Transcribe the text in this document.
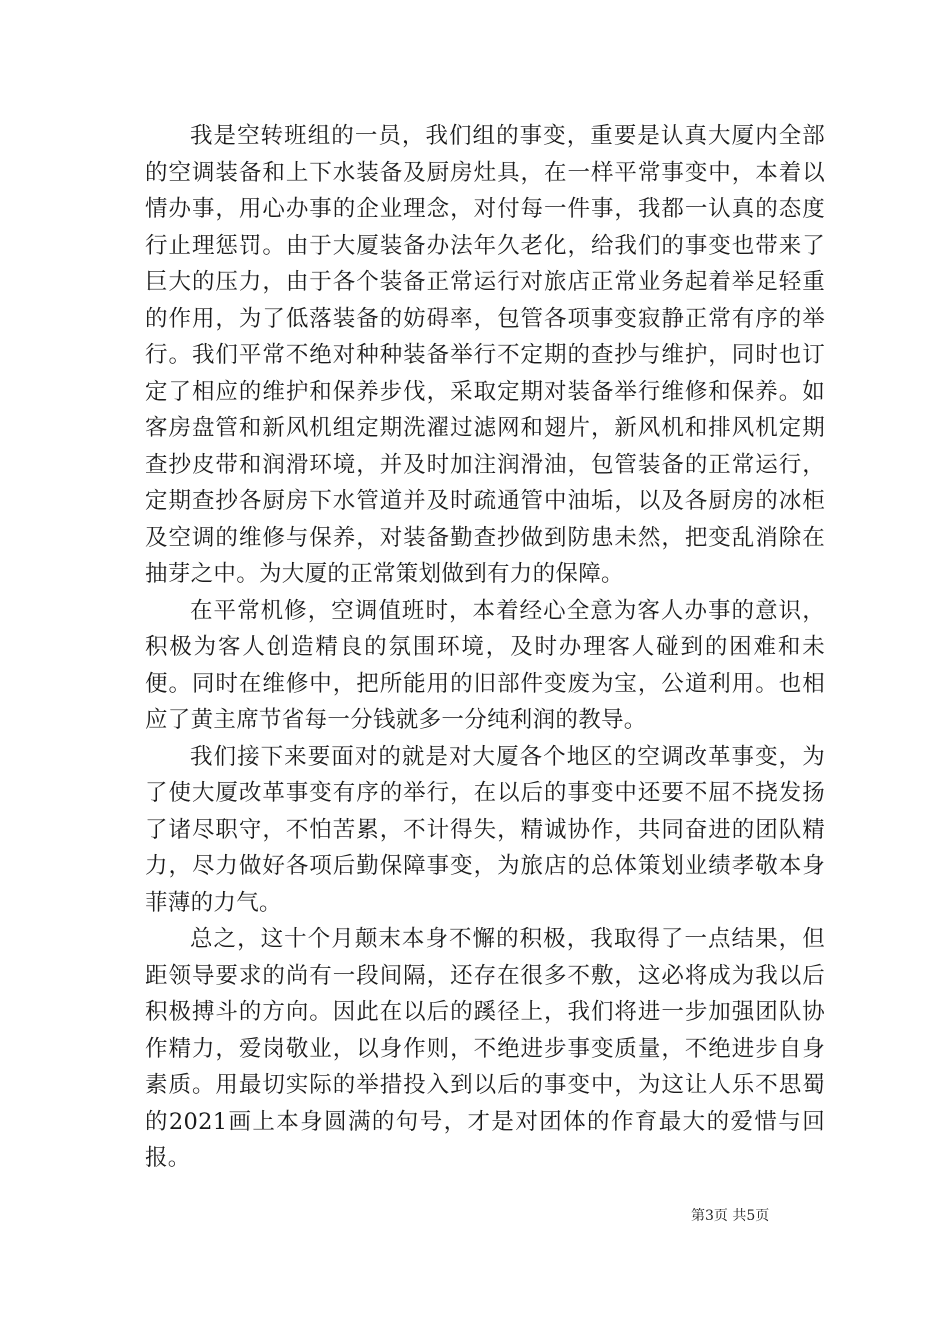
我是空转班组的一员，我们组的事变，重要是认真大厦内全部的空调装备和上下水装备及厨房灶具，在一样平常事变中，本着以情办事，用心办事的企业理念，对付每一件事，我都一认真的态度行止理惩罚。由于大厦装备办法年久老化，给我们的事变也带来了巨大的压力，由于各个装备正常运行对旅店正常业务起着举足轻重的作用，为了低落装备的妨碍率，包管各项事变寂静正常有序的举行。我们平常不绝对种种装备举行不定期的查抄与维护，同时也订定了相应的维护和保养步伐，采取定期对装备举行维修和保养。如客房盘管和新风机组定期洗濯过滤网和翅片，新风机和排风机定期查抄皮带和润滑环境，并及时加注润滑油，包管装备的正常运行，定期查抄各厨房下水管道并及时疏通管中油垢，以及各厨房的冰柜及空调的维修与保养，对装备勤查抄做到防患未然，把变乱消除在抽芽之中。为大厦的正常策划做到有力的保障。

在平常机修，空调值班时，本着经心全意为客人办事的意识，积极为客人创造精良的氛围环境，及时办理客人碰到的困难和未便。同时在维修中，把所能用的旧部件变废为宝，公道利用。也相应了黄主席节省每一分钱就多一分纯利润的教导。

我们接下来要面对的就是对大厦各个地区的空调改革事变，为了使大厦改革事变有序的举行，在以后的事变中还要不屈不挠发扬了诸尽职守，不怕苦累，不计得失，精诚协作，共同奋进的团队精力，尽力做好各项后勤保障事变，为旅店的总体策划业绩孝敬本身菲薄的力气。

总之，这十个月颠末本身不懈的积极，我取得了一点结果，但距领导要求的尚有一段间隔，还存在很多不敷，这必将成为我以后积极搏斗的方向。因此在以后的蹊径上，我们将进一步加强团队协作精力，爱岗敬业，以身作则，不绝进步事变质量，不绝进步自身素质。用最切实际的举措投入到以后的事变中，为这让人乐不思蜀的2021画上本身圆满的句号，才是对团体的作育最大的爱惜与回报。

第3页 共5页
